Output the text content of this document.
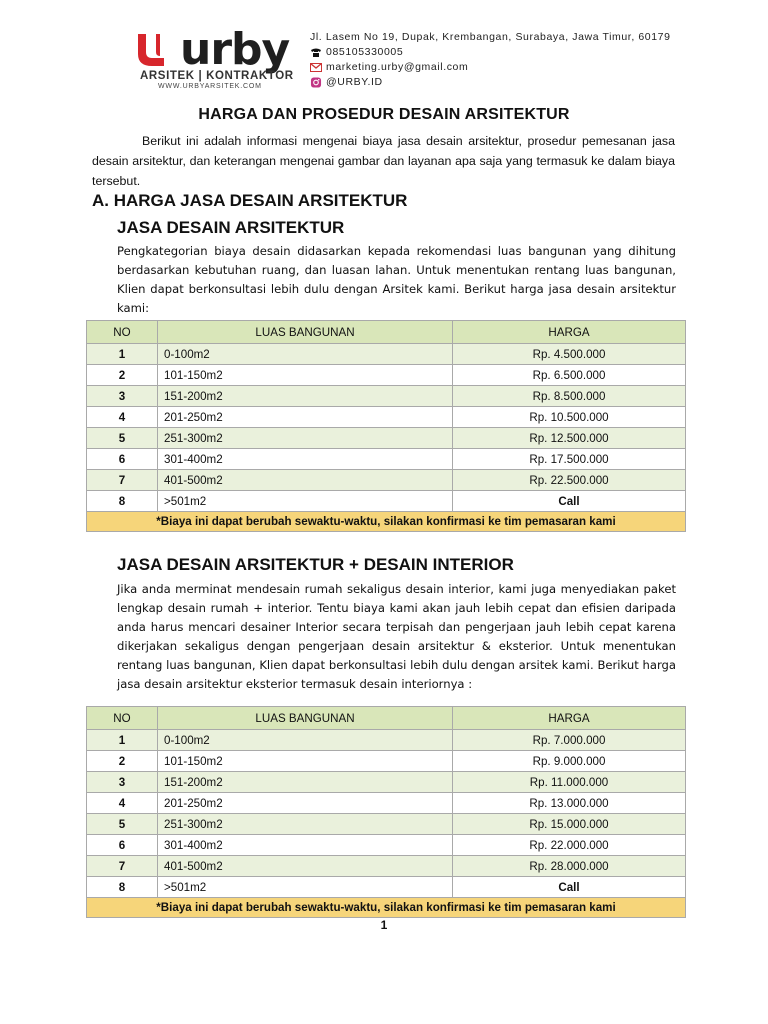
urby
ARSITEK | KONTRAKTOR
WWW.URBYARSITEK.COM
Jl. Lasem No 19, Dupak, Krembangan, Surabaya, Jawa Timur, 60179
085105330005
marketing.urby@gmail.com
@URBY.ID
HARGA DAN PROSEDUR DESAIN ARSITEKTUR
Berikut ini adalah informasi mengenai biaya jasa desain arsitektur, prosedur pemesanan jasa desain arsitektur, dan keterangan mengenai gambar dan layanan apa saja yang termasuk ke dalam biaya tersebut.
A. HARGA JASA DESAIN ARSITEKTUR
JASA DESAIN ARSITEKTUR
Pengkategorian biaya desain didasarkan kepada rekomendasi luas bangunan yang dihitung berdasarkan kebutuhan ruang, dan luasan lahan. Untuk menentukan rentang luas bangunan, Klien dapat berkonsultasi lebih dulu dengan Arsitek kami. Berikut harga jasa desain arsitektur kami:
NO	LUAS BANGUNAN	HARGA
1	0-100m2	Rp. 4.500.000
2	101-150m2	Rp. 6.500.000
3	151-200m2	Rp. 8.500.000
4	201-250m2	Rp. 10.500.000
5	251-300m2	Rp. 12.500.000
6	301-400m2	Rp. 17.500.000
7	401-500m2	Rp. 22.500.000
8	>501m2	Call
*Biaya ini dapat berubah sewaktu-waktu, silakan konfirmasi ke tim pemasaran kami		
JASA DESAIN ARSITEKTUR + DESAIN INTERIOR
Jika anda merminat mendesain rumah sekaligus desain interior, kami juga menyediakan paket lengkap desain rumah + interior. Tentu biaya kami akan jauh lebih cepat dan efisien daripada anda harus mencari desainer Interior secara terpisah dan pengerjaan jauh lebih cepat karena dikerjakan sekaligus dengan pengerjaan desain arsitektur & eksterior. Untuk menentukan rentang luas bangunan, Klien dapat berkonsultasi lebih dulu dengan arsitek kami. Berikut harga jasa desain arsitektur eksterior termasuk desain interiornya :
NO	LUAS BANGUNAN	HARGA
1	0-100m2	Rp. 7.000.000
2	101-150m2	Rp. 9.000.000
3	151-200m2	Rp. 11.000.000
4	201-250m2	Rp. 13.000.000
5	251-300m2	Rp. 15.000.000
6	301-400m2	Rp. 22.000.000
7	401-500m2	Rp. 28.000.000
8	>501m2	Call
*Biaya ini dapat berubah sewaktu-waktu, silakan konfirmasi ke tim pemasaran kami		
1
